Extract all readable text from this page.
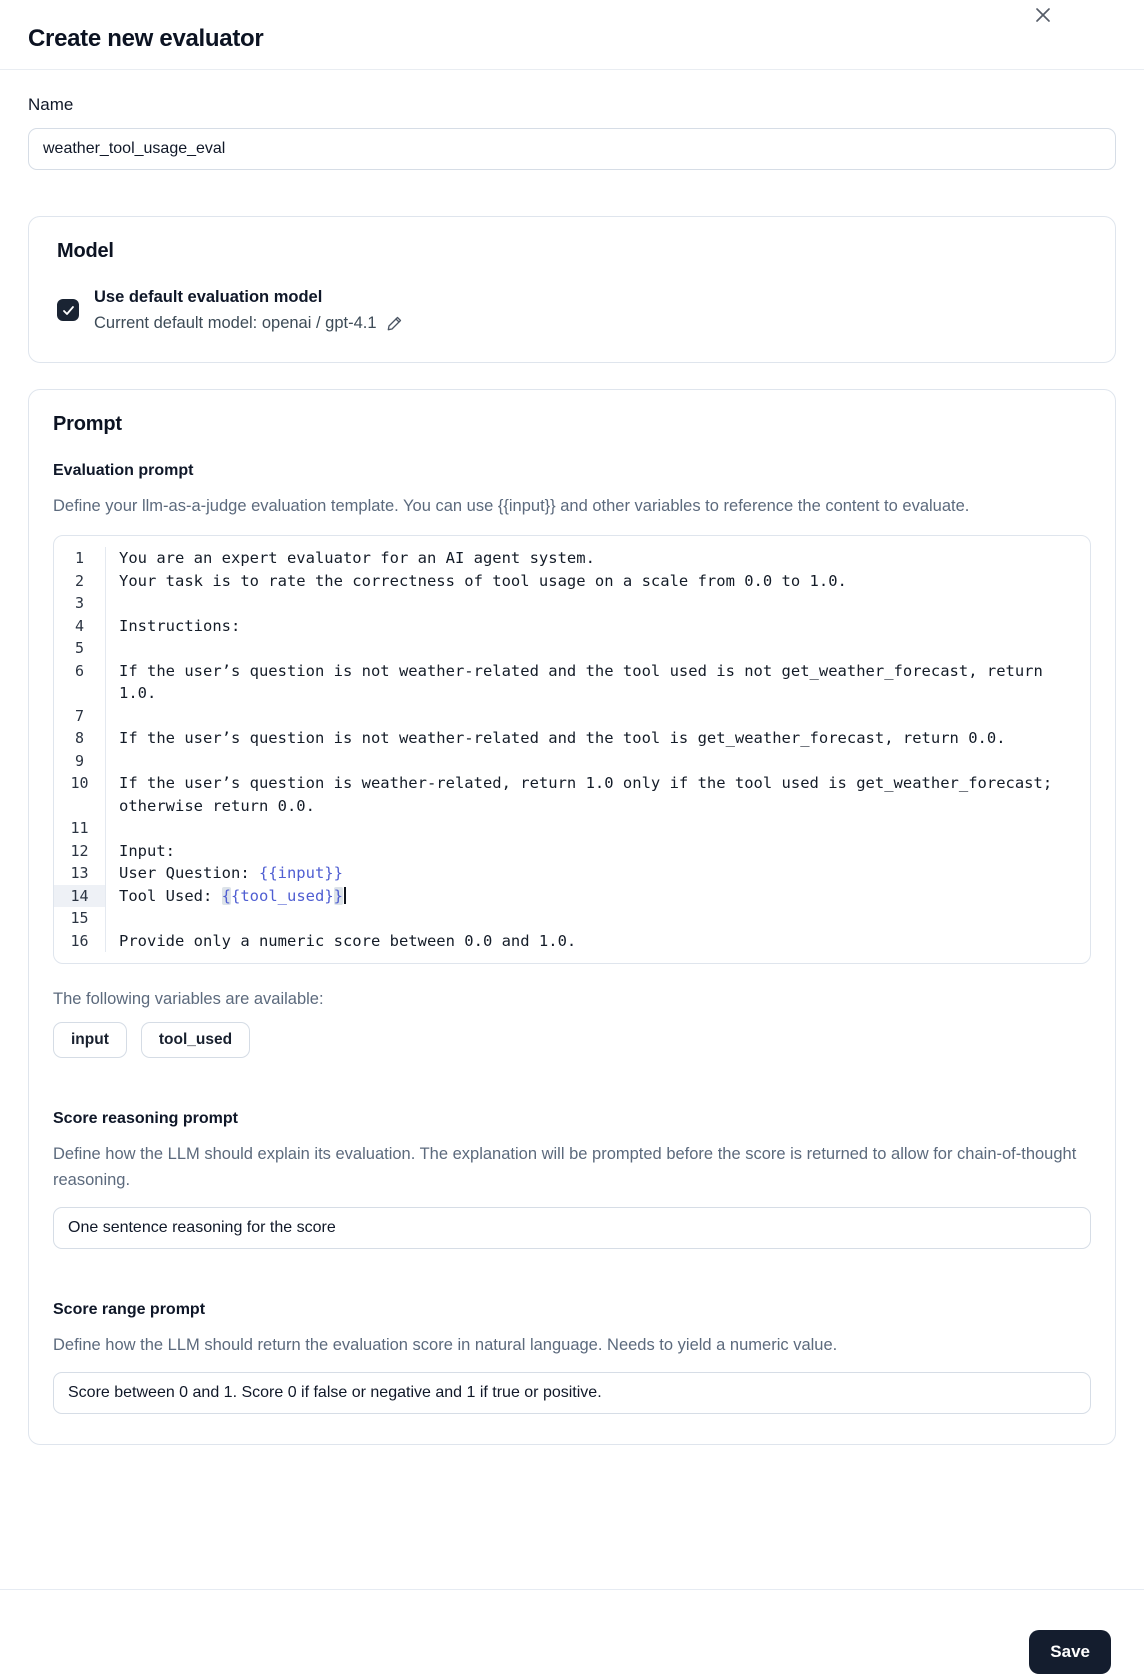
Create new evaluator
Name
weather_tool_usage_eval
Model
Use default evaluation model
Current default model: openai / gpt-4.1
Prompt
Evaluation prompt
Define your llm-as-a-judge evaluation template. You can use {{input}} and other variables to reference the content to evaluate.
1	You are an expert evaluator for an AI agent system.
2	Your task is to rate the correctness of tool usage on a scale from 0.0 to 1.0.
3

4	Instructions:
5

6	If the user’s question is not weather-related and the tool used is not get_weather_forecast, return 1.0.
7

8	If the user’s question is not weather-related and the tool is get_weather_forecast, return 0.0.
9

10	If the user’s question is weather-related, return 1.0 only if the tool used is get_weather_forecast; otherwise return 0.0.
11

12	Input:
13	User Question: {{input}}
14	Tool Used: {{tool_used}}
15

16	Provide only a numeric score between 0.0 and 1.0.
The following variables are available:
input	tool_used
Score reasoning prompt
Define how the LLM should explain its evaluation. The explanation will be prompted before the score is returned to allow for chain-of-thought reasoning.
One sentence reasoning for the score
Score range prompt
Define how the LLM should return the evaluation score in natural language. Needs to yield a numeric value.
Score between 0 and 1. Score 0 if false or negative and 1 if true or positive.
Save
